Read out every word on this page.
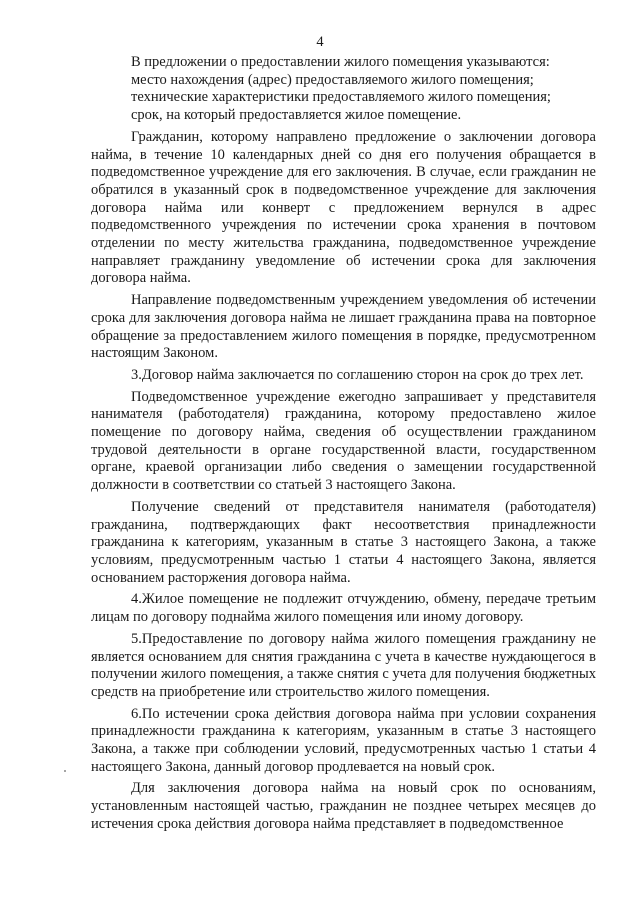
4

В предложении о предоставлении жилого помещения указываются:

место нахождения (адрес) предоставляемого жилого помещения;

технические характеристики предоставляемого жилого помещения;

срок, на который предоставляется жилое помещение.

Гражданин, которому направлено предложение о заключении договора найма, в течение 10 календарных дней со дня его получения обращается в подведомственное учреждение для его заключения. В случае, если гражданин не обратился в указанный срок в подведомственное учреждение для заключения договора найма или конверт с предложением вернулся в адрес подведомственного учреждения по истечении срока хранения в почтовом отделении по месту жительства гражданина, подведомственное учреждение направляет гражданину уведомление об истечении срока для заключения договора найма.

Направление подведомственным учреждением уведомления об истечении срока для заключения договора найма не лишает гражданина права на повторное обращение за предоставлением жилого помещения в порядке, предусмотренном настоящим Законом.

3.Договор найма заключается по соглашению сторон на срок до трех лет.

Подведомственное учреждение ежегодно запрашивает у представителя нанимателя (работодателя) гражданина, которому предоставлено жилое помещение по договору найма, сведения об осуществлении гражданином трудовой деятельности в органе государственной власти, государственном органе, краевой организации либо сведения о замещении государственной должности в соответствии со статьей 3 настоящего Закона.

Получение сведений от представителя нанимателя (работодателя) гражданина, подтверждающих факт несоответствия принадлежности гражданина к категориям, указанным в статье 3 настоящего Закона, а также условиям, предусмотренным частью 1 статьи 4 настоящего Закона, является основанием расторжения договора найма.

4.Жилое помещение не подлежит отчуждению, обмену, передаче третьим лицам по договору поднайма жилого помещения или иному договору.

5.Предоставление по договору найма жилого помещения гражданину не является основанием для снятия гражданина с учета в качестве нуждающегося в получении жилого помещения, а также снятия с учета для получения бюджетных средств на приобретение или строительство жилого помещения.

6.По истечении срока действия договора найма при условии сохранения принадлежности гражданина к категориям, указанным в статье 3 настоящего Закона, а также при соблюдении условий, предусмотренных частью 1 статьи 4 настоящего Закона, данный договор продлевается на новый срок.

Для заключения договора найма на новый срок по основаниям, установленным настоящей частью, гражданин не позднее четырех месяцев до истечения срока действия договора найма представляет в подведомственное
